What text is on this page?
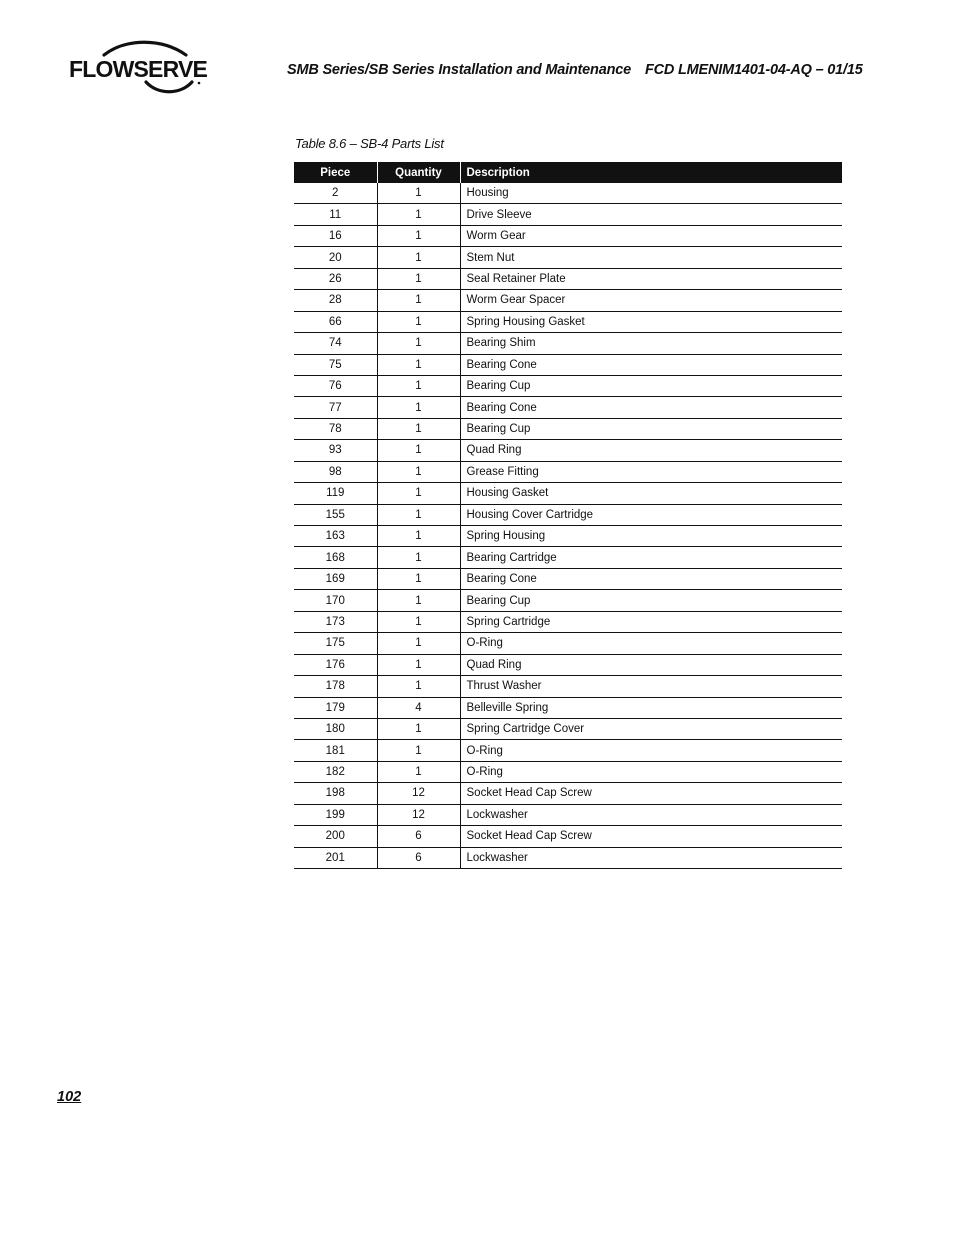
FLOWSERVE	SMB Series/SB Series Installation and Maintenance FCD LMENIM1401-04-AQ – 01/15
Table 8.6 – SB-4 Parts List
Piece	Quantity	Description
2	1	Housing
11	1	Drive Sleeve
16	1	Worm Gear
20	1	Stem Nut
26	1	Seal Retainer Plate
28	1	Worm Gear Spacer
66	1	Spring Housing Gasket
74	1	Bearing Shim
75	1	Bearing Cone
76	1	Bearing Cup
77	1	Bearing Cone
78	1	Bearing Cup
93	1	Quad Ring
98	1	Grease Fitting
119	1	Housing Gasket
155	1	Housing Cover Cartridge
163	1	Spring Housing
168	1	Bearing Cartridge
169	1	Bearing Cone
170	1	Bearing Cup
173	1	Spring Cartridge
175	1	O-Ring
176	1	Quad Ring
178	1	Thrust Washer
179	4	Belleville Spring
180	1	Spring Cartridge Cover
181	1	O-Ring
182	1	O-Ring
198	12	Socket Head Cap Screw
199	12	Lockwasher
200	6	Socket Head Cap Screw
201	6	Lockwasher
102
